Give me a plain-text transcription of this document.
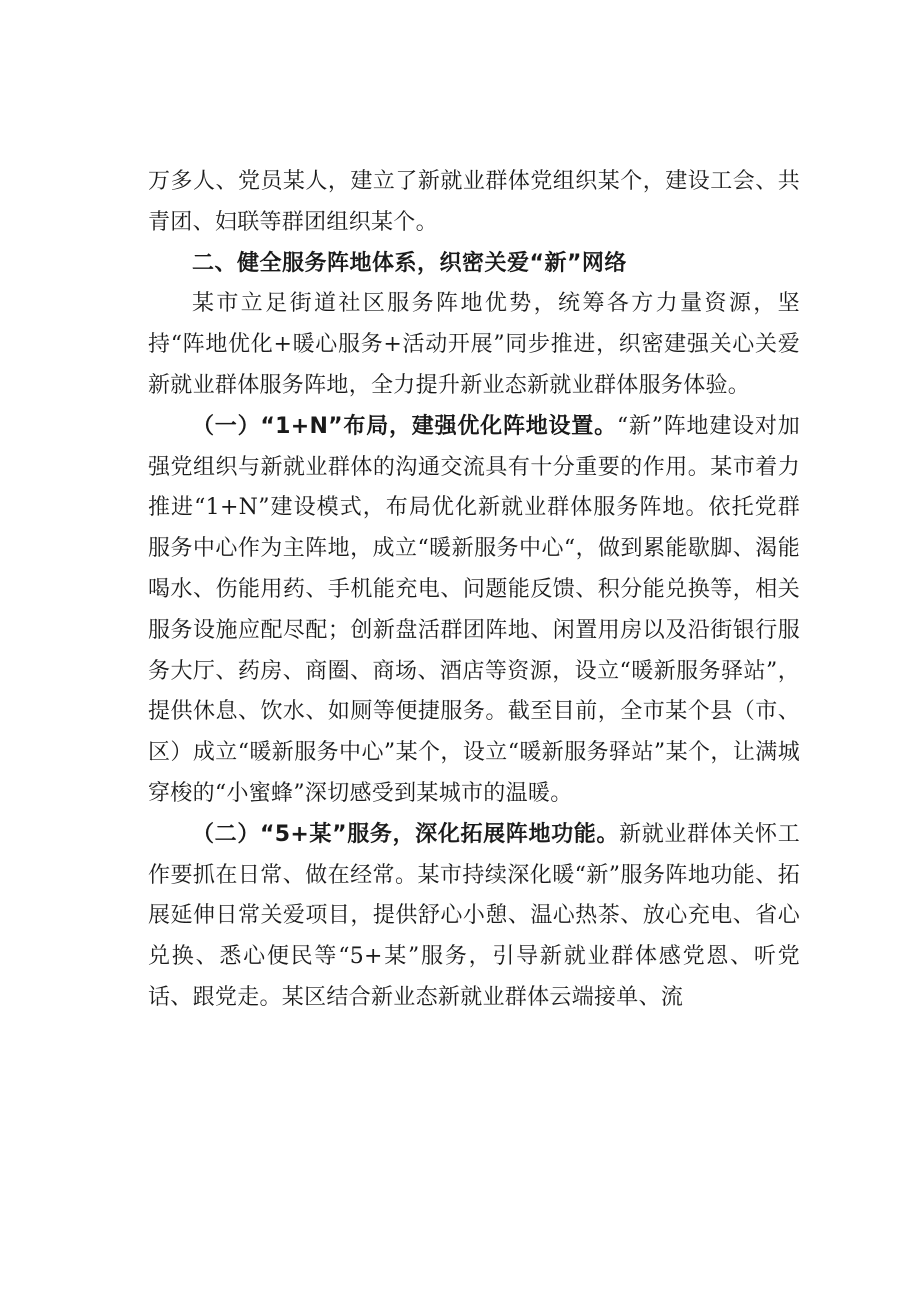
万多人、党员某人，建立了新就业群体党组织某个，建设工会、共青团、妇联等群团组织某个。

二、健全服务阵地体系，织密关爱“新”网络

某市立足街道社区服务阵地优势，统筹各方力量资源，坚持“阵地优化+暖心服务+活动开展”同步推进，织密建强关心关爱新就业群体服务阵地，全力提升新业态新就业群体服务体验。

（一）“1+N”布局，建强优化阵地设置。“新”阵地建设对加强党组织与新就业群体的沟通交流具有十分重要的作用。某市着力推进“1+N”建设模式，布局优化新就业群体服务阵地。依托党群服务中心作为主阵地，成立“暖新服务中心“，做到累能歇脚、渴能喝水、伤能用药、手机能充电、问题能反馈、积分能兑换等，相关服务设施应配尽配；创新盘活群团阵地、闲置用房以及沿街银行服务大厅、药房、商圈、商场、酒店等资源，设立“暖新服务驿站”，提供休息、饮水、如厕等便捷服务。截至目前，全市某个县（市、区）成立“暖新服务中心”某个，设立“暖新服务驿站”某个，让满城穿梭的“小蜜蜂”深切感受到某城市的温暖。

（二）“5+某”服务，深化拓展阵地功能。新就业群体关怀工作要抓在日常、做在经常。某市持续深化暖“新”服务阵地功能、拓展延伸日常关爱项目，提供舒心小憩、温心热茶、放心充电、省心兑换、悉心便民等“5+某”服务，引导新就业群体感党恩、听党话、跟党走。某区结合新业态新就业群体云端接单、流
